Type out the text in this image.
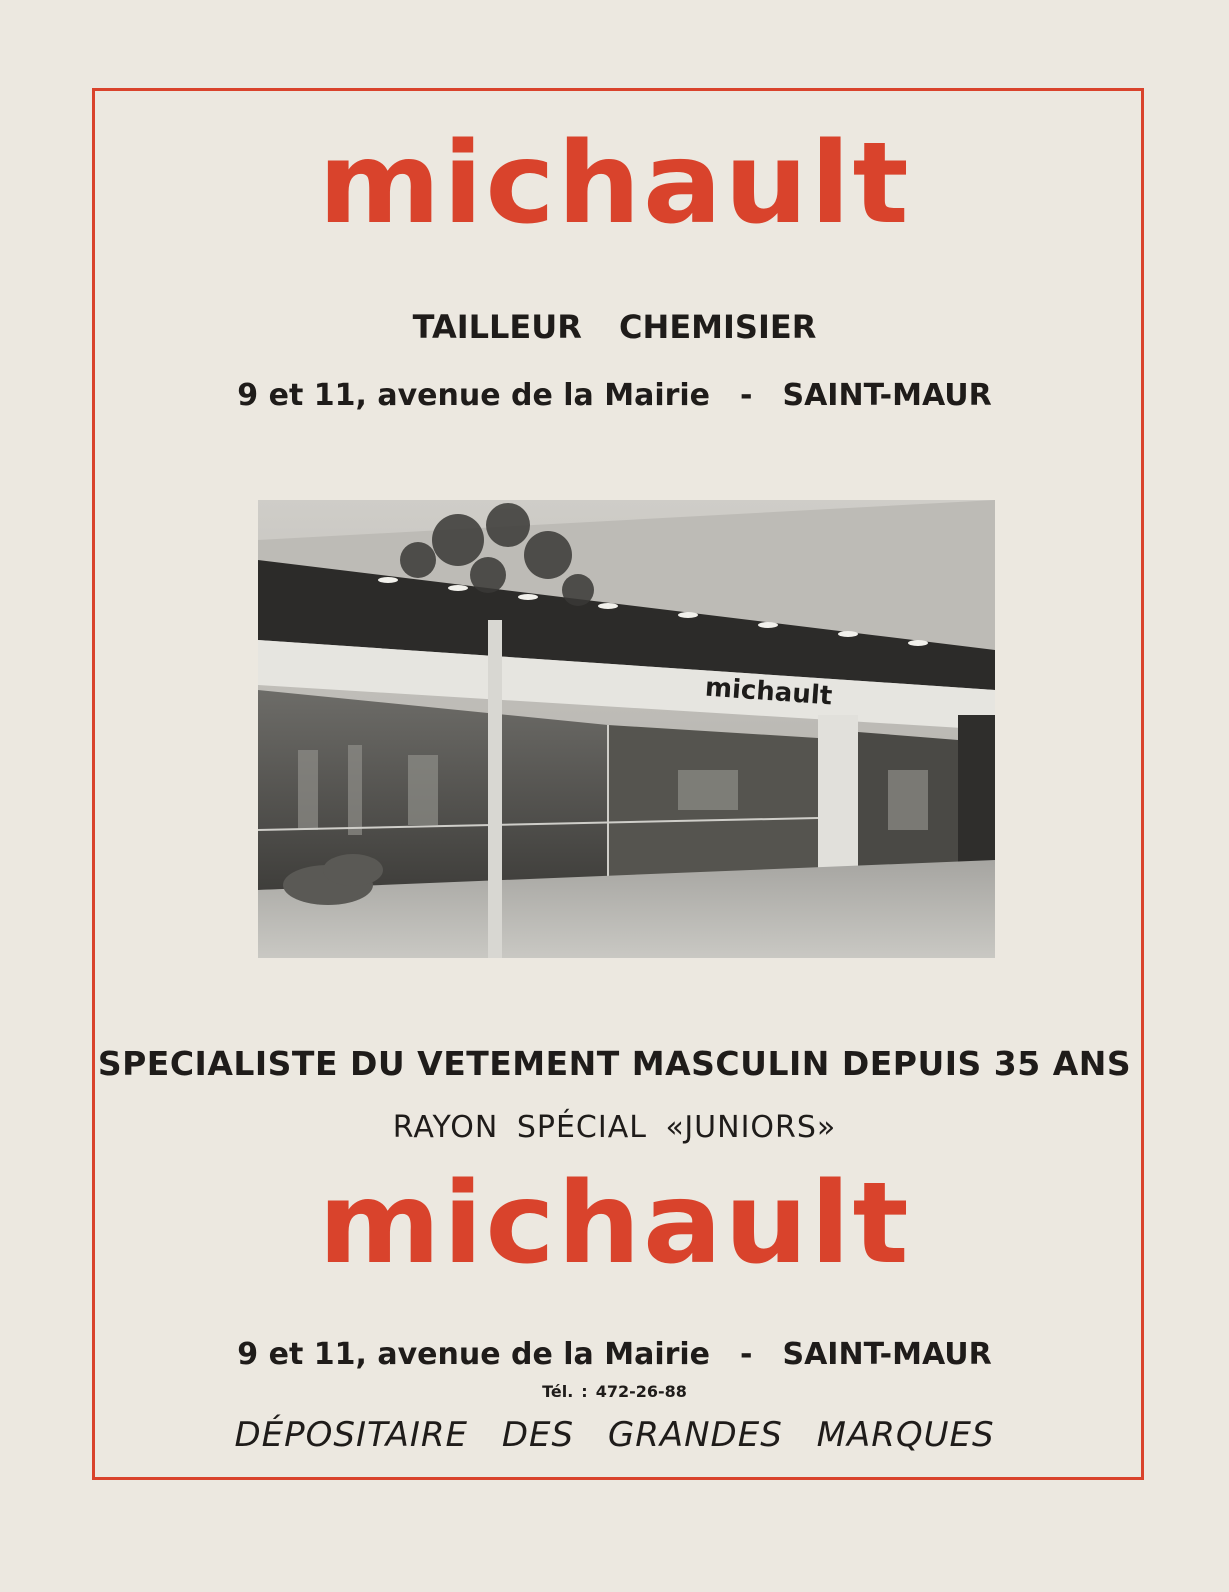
michault
TAILLEUR CHEMISIER
9 et 11, avenue de la Mairie - SAINT-MAUR
michault
SPECIALISTE DU VETEMENT MASCULIN DEPUIS 35 ANS
RAYON SPÉCIAL «JUNIORS»
michault
9 et 11, avenue de la Mairie - SAINT-MAUR
Tél. : 472-26-88
DÉPOSITAIRE DES GRANDES MARQUES
